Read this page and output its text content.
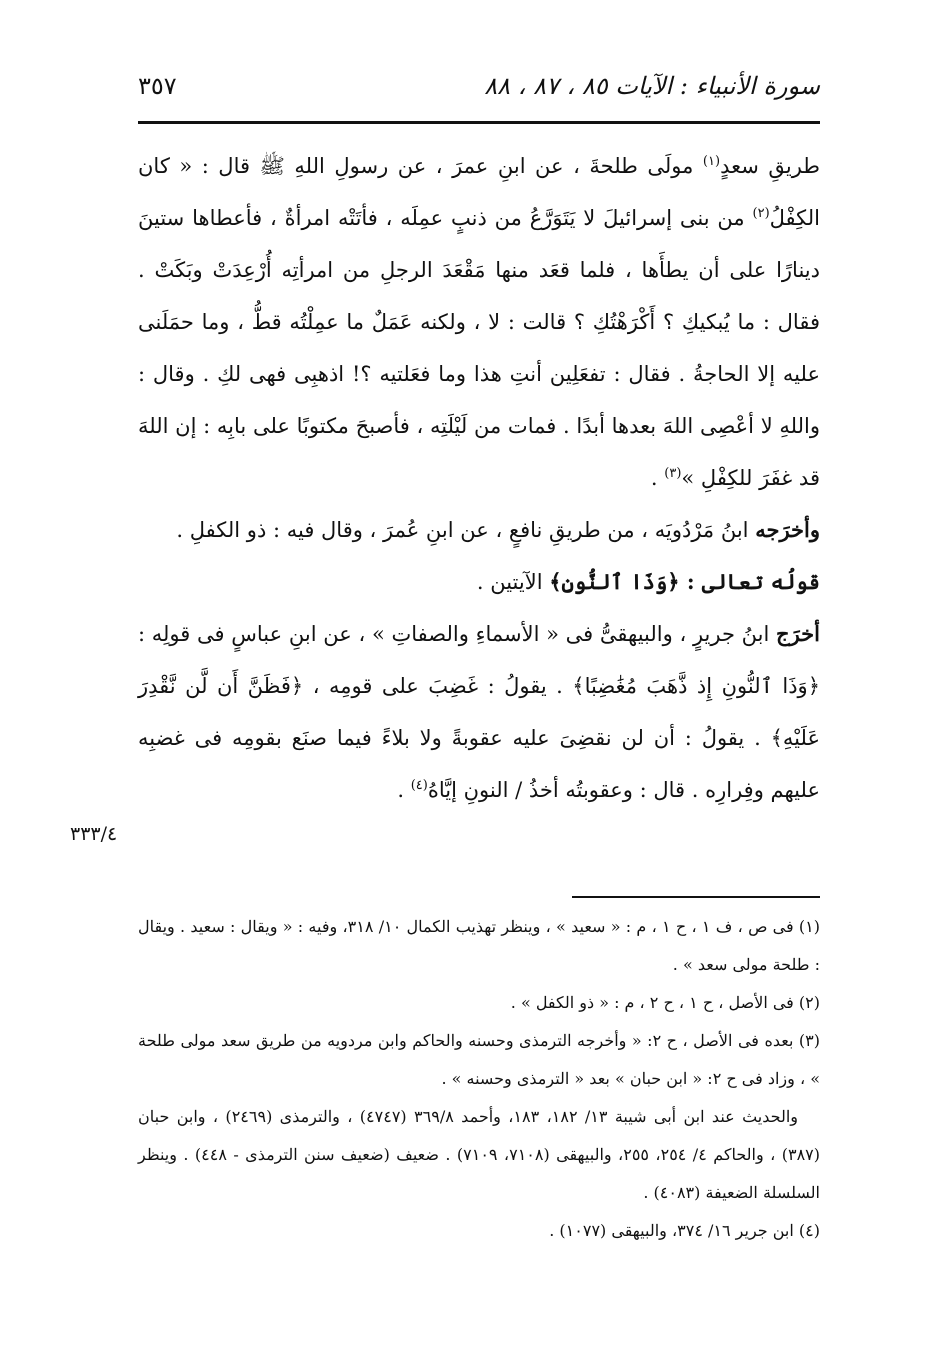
سورة الأنبياء : الآيات ٨٥ ، ٨٧ ، ٨٨
٣٥٧

طريقِ سعدٍ$^{(١)}$ مولَى طلحةَ ، عن ابنِ عمرَ ، عن رسولِ اللهِ ﷺ قال : « كان الكِفْلُ$^{(٢)}$ من بنى إسرائيلَ لا يَتَوَرَّعُ من ذنبٍ عمِلَه ، فأتَتْه امرأةٌ ، فأعطاها ستينَ دينارًا على أن يطأَها ، فلما قعَد منها مَقْعَدَ الرجلِ من امرأتِه أُرْعِدَتْ وبَكَتْ . فقال : ما يُبكيكِ ؟ أَكْرَهْتُكِ ؟ قالت : لا ، ولكنه عَمَلٌ ما عمِلْتُه قطُّ ، وما حمَلَنى عليه إلا الحاجةُ . فقال : تفعَلِين أنتِ هذا وما فعَلتيه ؟! اذهبِى فهى لكِ . وقال : واللهِ لا أعْصِى اللهَ بعدها أبدًا . فمات من لَيْلَتِه ، فأصبحَ مكتوبًا على بابِه : إن اللهَ قد غفَرَ للكِفْلِ »$^{(٣)}$ .

وأخرَجه ابنُ مَرْدُويَه ، من طريقِ نافعٍ ، عن ابنِ عُمرَ ، وقال فيه : ذو الكفلِ .

قولُه تعالى : ﴿وَذَا ٱلنُّونِ﴾ الآيتين .

أخرَج ابنُ جريرٍ ، والبيهقىُّ فى « الأسماءِ والصفاتِ » ، عن ابنِ عباسٍ فى قولِه : ﴿وَذَا ٱلنُّونِ إِذ ذَّهَبَ مُغَٰضِبًا﴾ . يقولُ : غَضِبَ على قومِه ، ﴿فَظَنَّ أَن لَّن نَّقْدِرَ عَلَيْهِ﴾ . يقولُ : أن لن نقضِىَ عليه عقوبةً ولا بلاءً فيما صنَع بقومِه فى غضبِه عليهم وفِرارِه . قال : وعقوبتُه أخذُ / النونِ إيَّاهُ$^{(٤)}$ .

٣٣٣/٤

(١) فى ص ، ف ١ ، ح ١ ، م : « سعيد » ، وينظر تهذيب الكمال ١٠/ ٣١٨، وفيه : « ويقال : سعيد . ويقال : طلحة مولى سعد » .

(٢) فى الأصل ، ح ١ ، ح ٢ ، م : « ذو الكفل » .

(٣) بعده فى الأصل ، ح ٢: « وأخرجه الترمذى وحسنه والحاكم وابن مردويه من طريق سعد مولى طلحة » ، وزاد فى ح ٢: « ابن حبان » بعد « الترمذى وحسنه » .

والحديث عند ابن أبى شيبة ١٣/ ١٨٢، ١٨٣، وأحمد ٣٦٩/٨ (٤٧٤٧) ، والترمذى (٢٤٦٩) ، وابن حبان (٣٨٧) ، والحاكم ٤/ ٢٥٤، ٢٥٥، والبيهقى (٧١٠٨، ٧١٠٩) . ضعيف (ضعيف سنن الترمذى - ٤٤٨) . وينظر السلسلة الضعيفة (٤٠٨٣) .

(٤) ابن جرير ١٦/ ٣٧٤، والبيهقى (١٠٧٧) .
